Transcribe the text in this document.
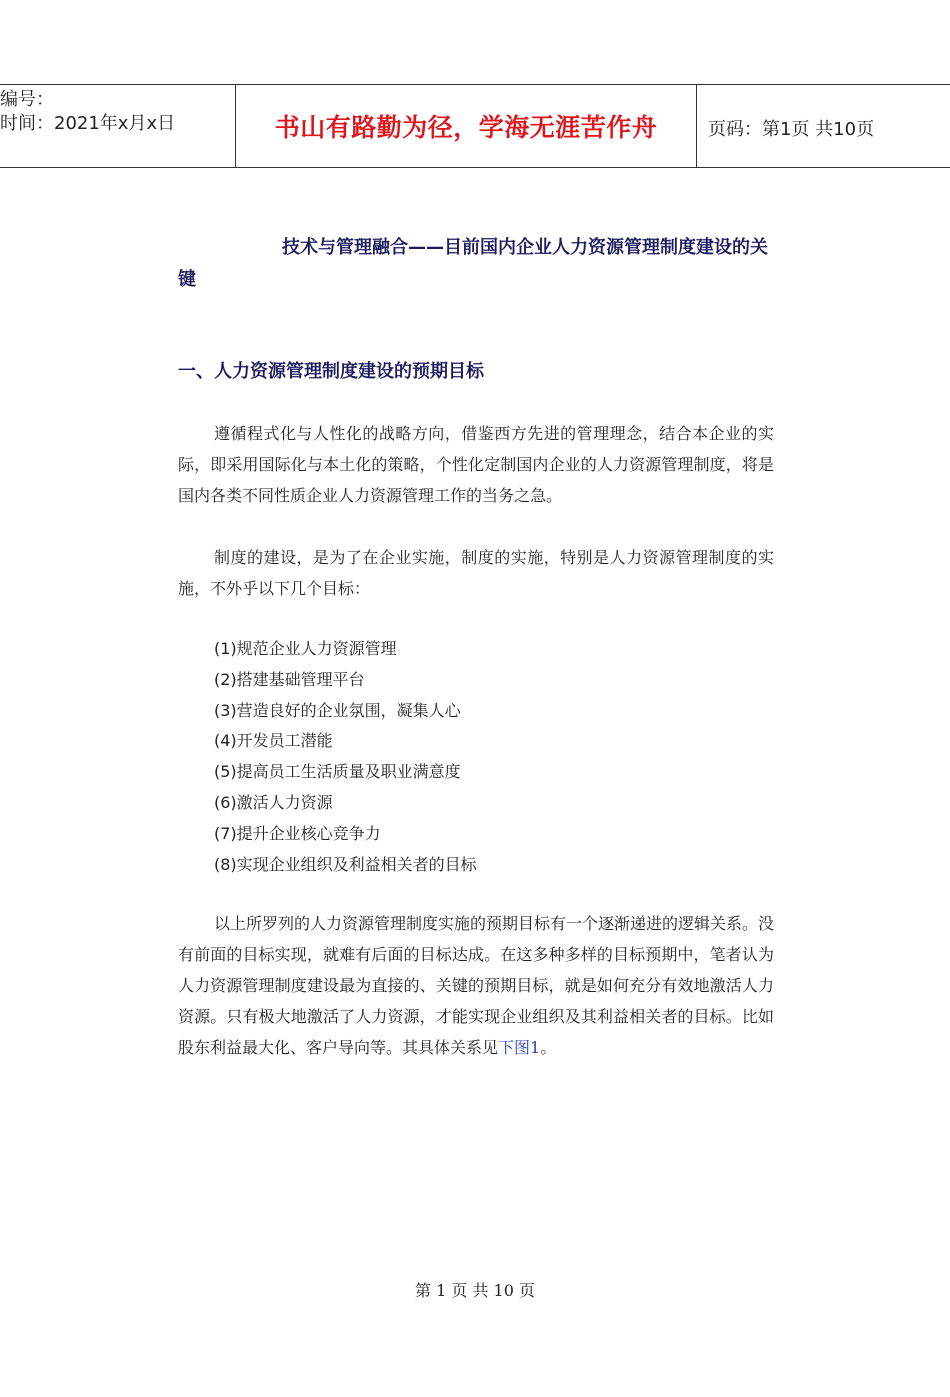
编号：
时间：2021年x月x日	书山有路勤为径，学海无涯苦作舟	页码：第1页 共10页

技术与管理融合——目前国内企业人力资源管理制度建设的关键

一、人力资源管理制度建设的预期目标

遵循程式化与人性化的战略方向，借鉴西方先进的管理理念，结合本企业的实际，即采用国际化与本土化的策略，个性化定制国内企业的人力资源管理制度，将是国内各类不同性质企业人力资源管理工作的当务之急。

制度的建设，是为了在企业实施，制度的实施，特别是人力资源管理制度的实施，不外乎以下几个目标：

(1)规范企业人力资源管理
(2)搭建基础管理平台
(3)营造良好的企业氛围，凝集人心
(4)开发员工潜能
(5)提高员工生活质量及职业满意度
(6)激活人力资源
(7)提升企业核心竞争力
(8)实现企业组织及利益相关者的目标

以上所罗列的人力资源管理制度实施的预期目标有一个逐渐递进的逻辑关系。没有前面的目标实现，就难有后面的目标达成。在这多种多样的目标预期中，笔者认为人力资源管理制度建设最为直接的、关键的预期目标，就是如何充分有效地激活人力资源。只有极大地激活了人力资源，才能实现企业组织及其利益相关者的目标。比如股东利益最大化、客户导向等。其具体关系见下图1。

第 1 页 共 10 页
